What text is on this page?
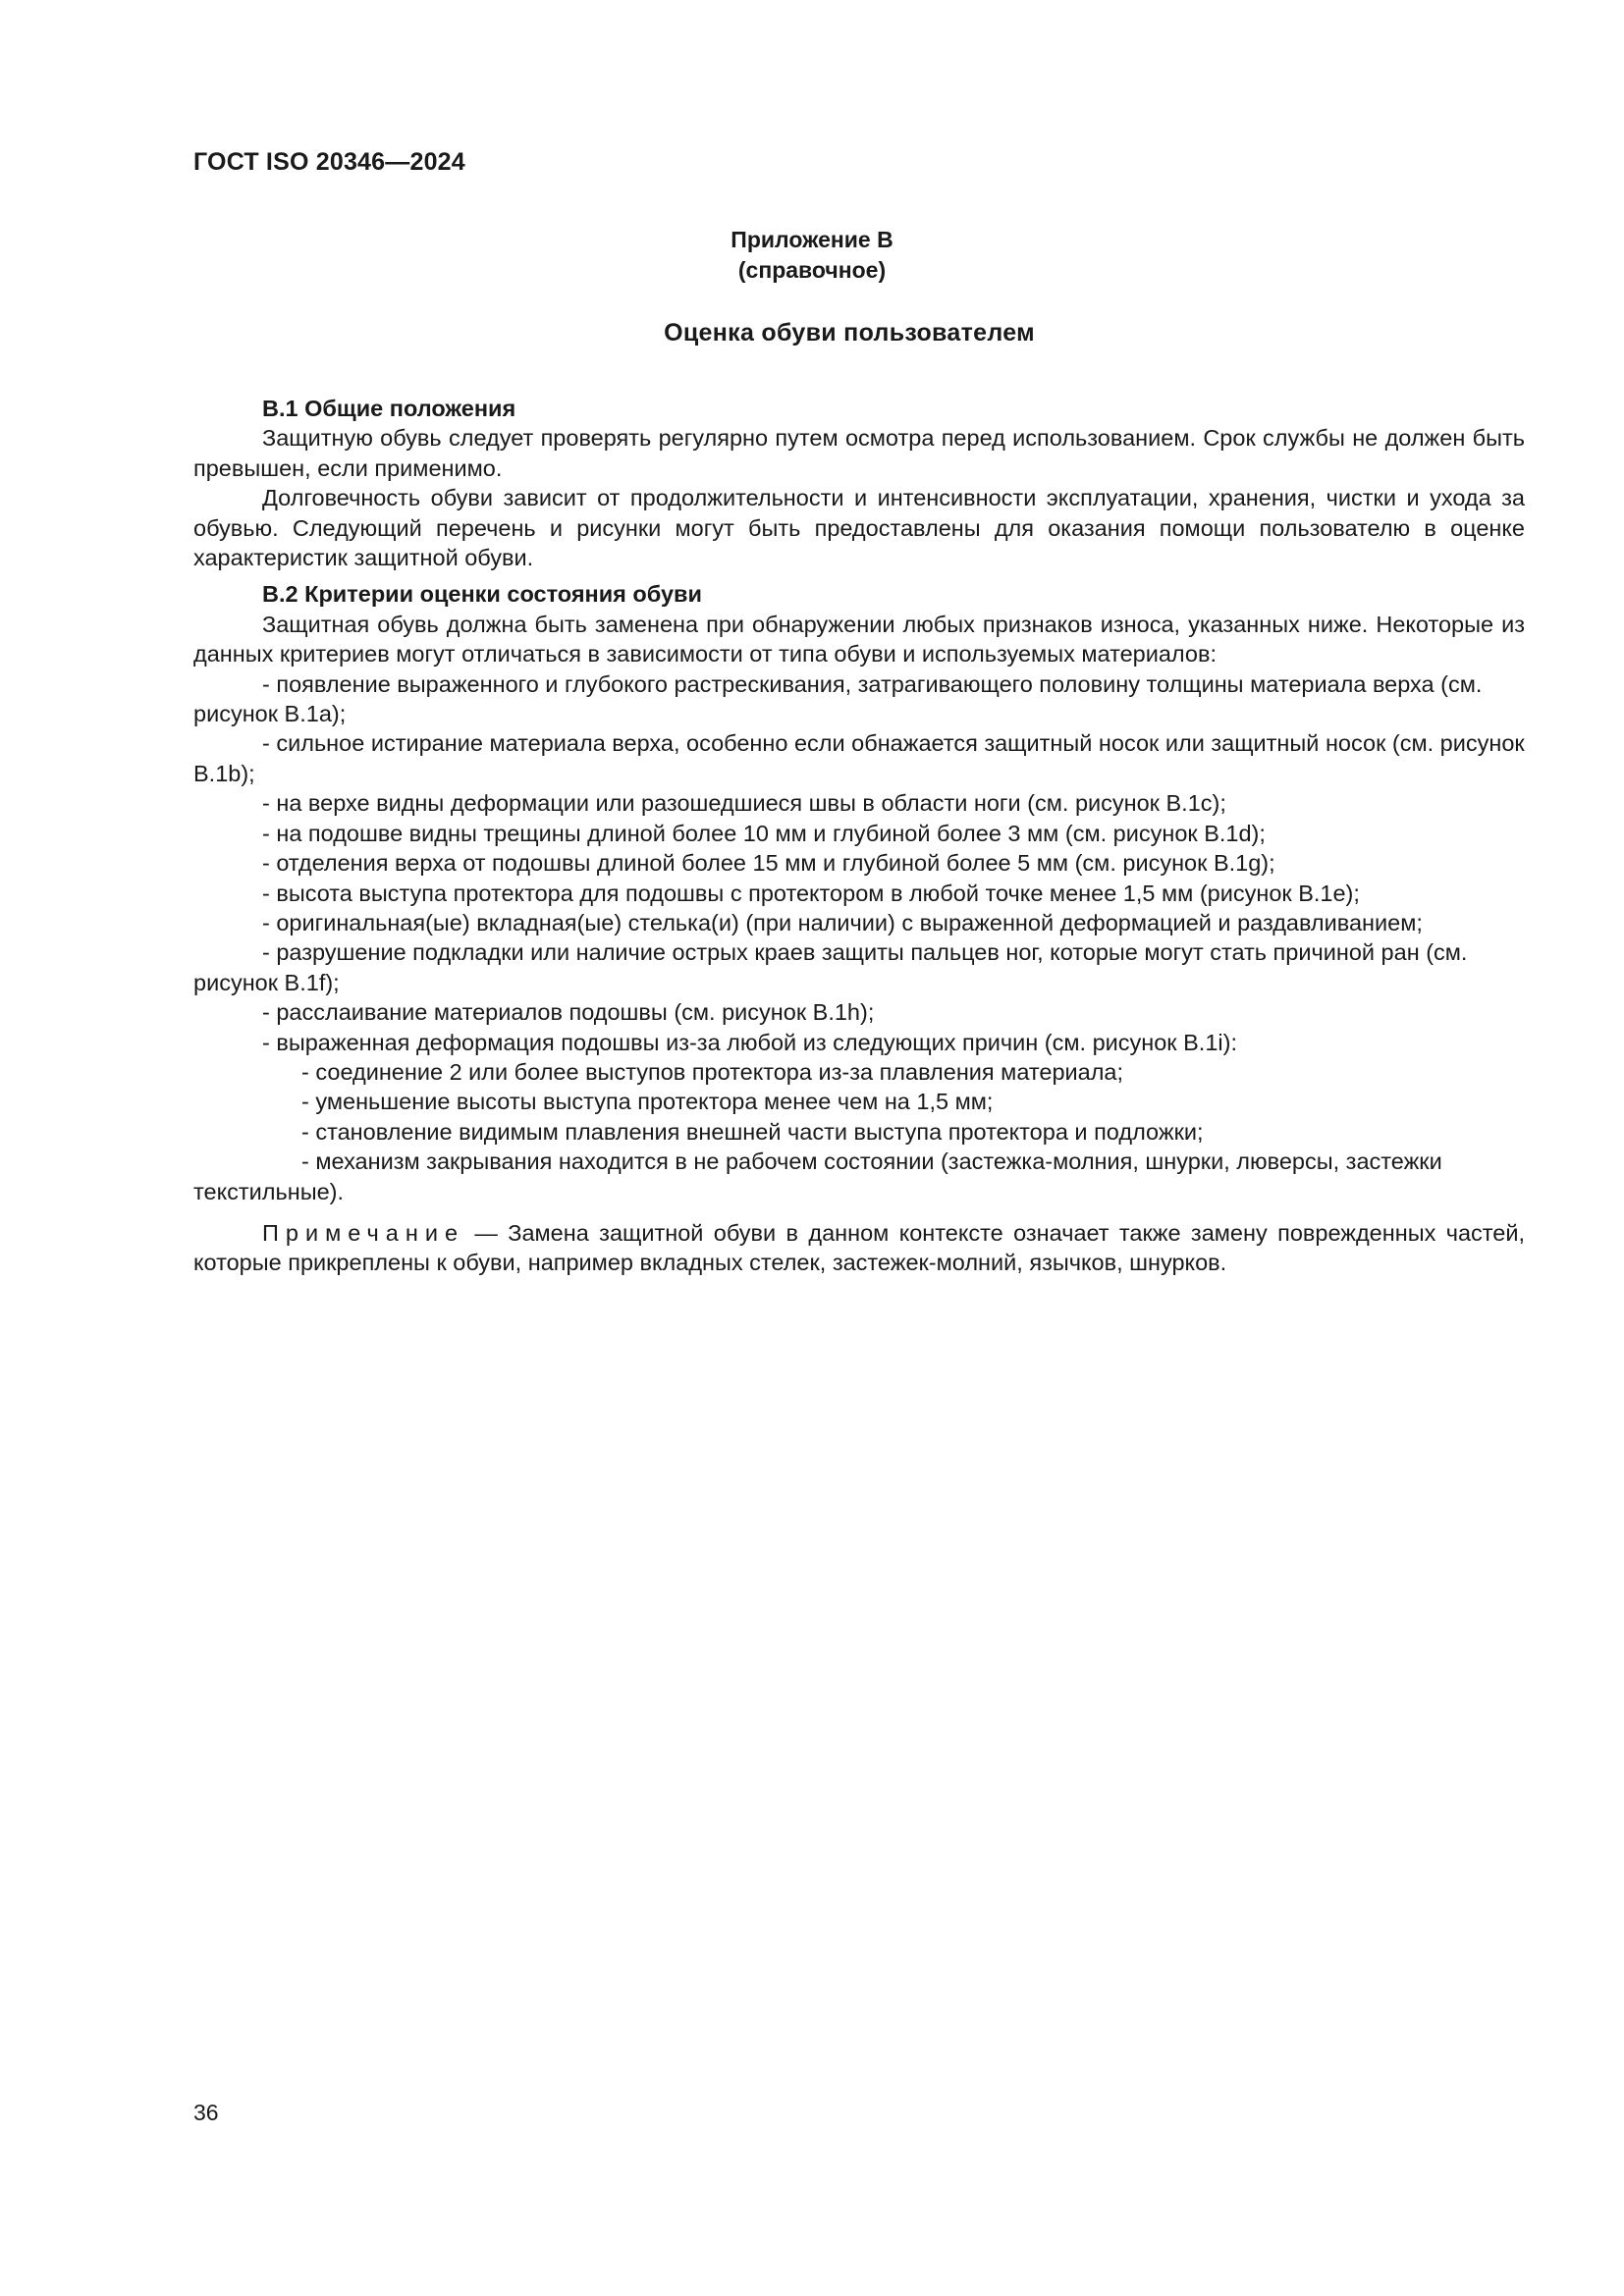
ГОСТ ISO 20346—2024
Приложение B
(справочное)
Оценка обуви пользователем

B.1 Общие положения

Защитную обувь следует проверять регулярно путем осмотра перед использованием. Срок службы не должен быть превышен, если применимо.

Долговечность обуви зависит от продолжительности и интенсивности эксплуатации, хранения, чистки и ухода за обувью. Следующий перечень и рисунки могут быть предоставлены для оказания помощи пользователю в оценке характеристик защитной обуви.

B.2 Критерии оценки состояния обуви

Защитная обувь должна быть заменена при обнаружении любых признаков износа, указанных ниже. Некоторые из данных критериев могут отличаться в зависимости от типа обуви и используемых материалов:

- появление выраженного и глубокого растрескивания, затрагивающего половину толщины материала верха (см. рисунок B.1a);

- сильное истирание материала верха, особенно если обнажается защитный носок или защитный носок (см. рисунок B.1b);

- на верхе видны деформации или разошедшиеся швы в области ноги (см. рисунок B.1c);

- на подошве видны трещины длиной более 10 мм и глубиной более 3 мм (см. рисунок B.1d);

- отделения верха от подошвы длиной более 15 мм и глубиной более 5 мм (см. рисунок B.1g);

- высота выступа протектора для подошвы с протектором в любой точке менее 1,5 мм (рисунок B.1e);

- оригинальная(ые) вкладная(ые) стелька(и) (при наличии) с выраженной деформацией и раздавливанием;

- разрушение подкладки или наличие острых краев защиты пальцев ног, которые могут стать причиной ран (см. рисунок B.1f);

- расслаивание материалов подошвы (см. рисунок B.1h);

- выраженная деформация подошвы из-за любой из следующих причин (см. рисунок B.1i):

- соединение 2 или более выступов протектора из-за плавления материала;

- уменьшение высоты выступа протектора менее чем на 1,5 мм;

- становление видимым плавления внешней части выступа протектора и подложки;

- механизм закрывания находится в не рабочем состоянии (застежка-молния, шнурки, люверсы, застежки текстильные).

Примечание — Замена защитной обуви в данном контексте означает также замену поврежденных частей, которые прикреплены к обуви, например вкладных стелек, застежек-молний, язычков, шнурков.

36
